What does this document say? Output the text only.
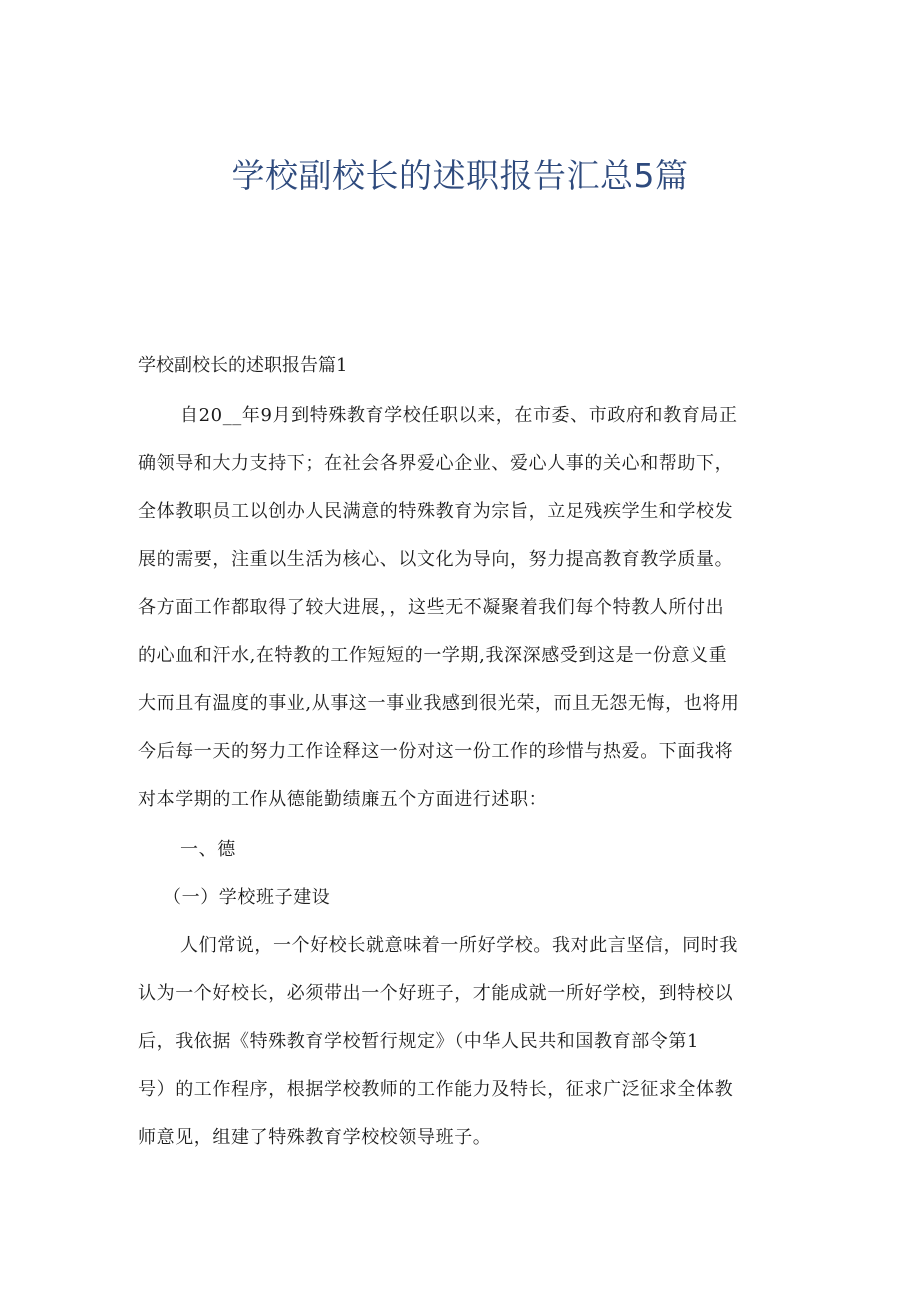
学校副校长的述职报告汇总5篇
学校副校长的述职报告篇1
自20__年9月到特殊教育学校任职以来，在市委、市政府和教育局正
确领导和大力支持下；在社会各界爱心企业、爱心人事的关心和帮助下，
全体教职员工以创办人民满意的特殊教育为宗旨，立足残疾学生和学校发
展的需要，注重以生活为核心、以文化为导向，努力提高教育教学质量。
各方面工作都取得了较大进展，，这些无不凝聚着我们每个特教人所付出
的心血和汗水,在特教的工作短短的一学期,我深深感受到这是一份意义重
大而且有温度的事业,从事这一事业我感到很光荣，而且无怨无悔，也将用
今后每一天的努力工作诠释这一份对这一份工作的珍惜与热爱。下面我将
对本学期的工作从德能勤绩廉五个方面进行述职：
一、德
（一）学校班子建设
人们常说，一个好校长就意味着一所好学校。我对此言坚信，同时我
认为一个好校长，必须带出一个好班子，才能成就一所好学校，到特校以
后，我依据《特殊教育学校暂行规定》（中华人民共和国教育部令第1
号）的工作程序，根据学校教师的工作能力及特长，征求广泛征求全体教
师意见，组建了特殊教育学校校领导班子。
